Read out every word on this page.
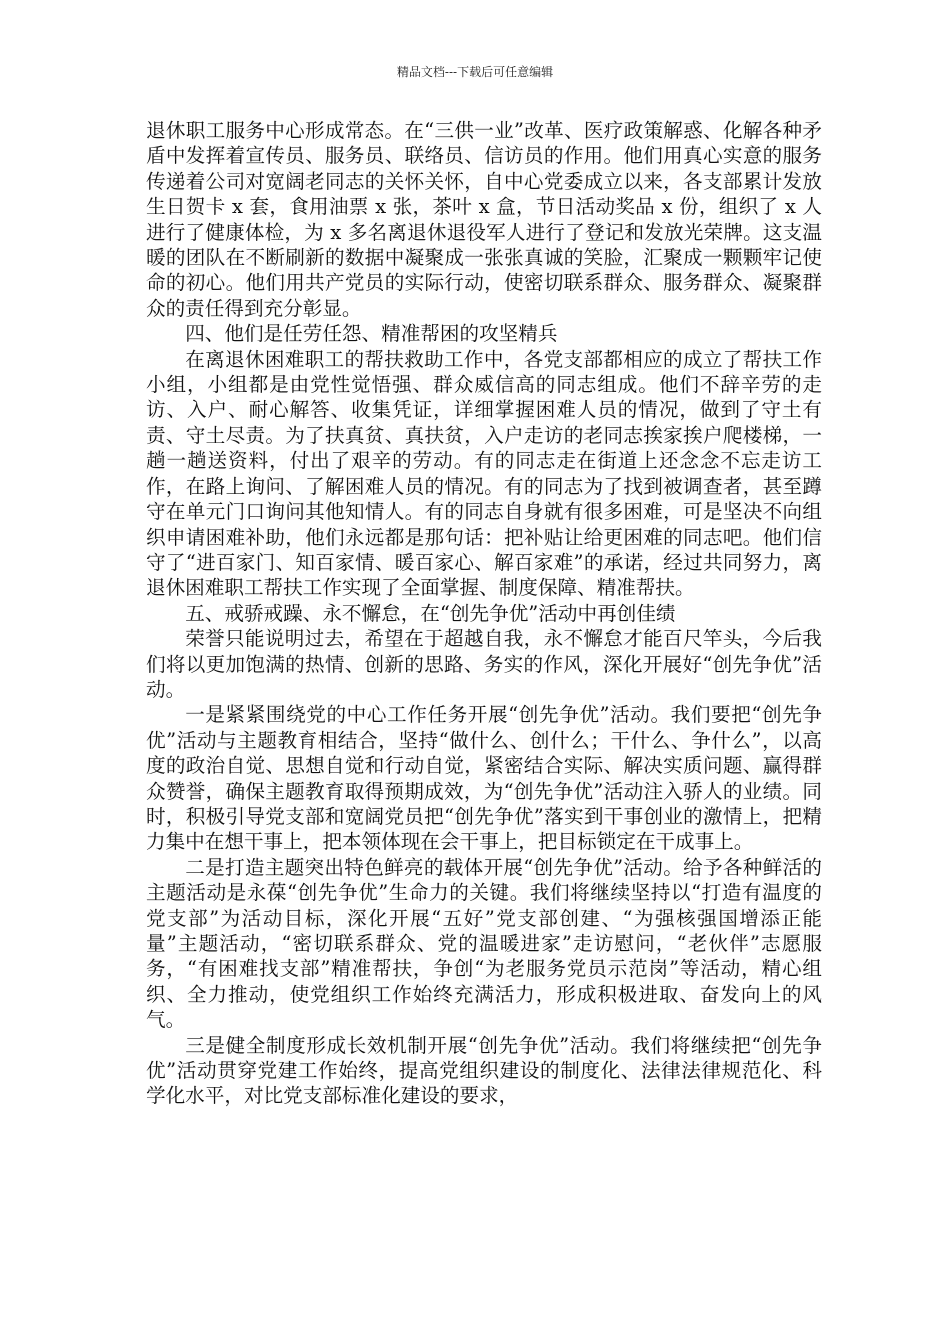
精品文档---下载后可任意编辑

退休职工服务中心形成常态。在“三供一业”改革、医疗政策解惑、化解各种矛盾中发挥着宣传员、服务员、联络员、信访员的作用。他们用真心实意的服务传递着公司对宽阔老同志的关怀关怀，自中心党委成立以来，各支部累计发放生日贺卡 x 套，食用油票 x 张，茶叶 x 盒，节日活动奖品 x 份，组织了 x 人进行了健康体检，为 x 多名离退休退役军人进行了登记和发放光荣牌。这支温暖的团队在不断刷新的数据中凝聚成一张张真诚的笑脸，汇聚成一颗颗牢记使命的初心。他们用共产党员的实际行动，使密切联系群众、服务群众、凝聚群众的责任得到充分彰显。

四、他们是任劳任怨、精准帮困的攻坚精兵

在离退休困难职工的帮扶救助工作中，各党支部都相应的成立了帮扶工作小组，小组都是由党性觉悟强、群众威信高的同志组成。他们不辞辛劳的走访、入户、耐心解答、收集凭证，详细掌握困难人员的情况，做到了守土有责、守土尽责。为了扶真贫、真扶贫，入户走访的老同志挨家挨户爬楼梯，一趟一趟送资料，付出了艰辛的劳动。有的同志走在街道上还念念不忘走访工作，在路上询问、了解困难人员的情况。有的同志为了找到被调查者，甚至蹲守在单元门口询问其他知情人。有的同志自身就有很多困难，可是坚决不向组织申请困难补助，他们永远都是那句话：把补贴让给更困难的同志吧。他们信守了“进百家门、知百家情、暖百家心、解百家难”的承诺，经过共同努力，离退休困难职工帮扶工作实现了全面掌握、制度保障、精准帮扶。

五、戒骄戒躁、永不懈怠，在“创先争优”活动中再创佳绩

荣誉只能说明过去，希望在于超越自我，永不懈怠才能百尺竿头，今后我们将以更加饱满的热情、创新的思路、务实的作风，深化开展好“创先争优”活动。

一是紧紧围绕党的中心工作任务开展“创先争优”活动。我们要把“创先争优”活动与主题教育相结合，坚持“做什么、创什么；干什么、争什么”，以高度的政治自觉、思想自觉和行动自觉，紧密结合实际、解决实质问题、赢得群众赞誉，确保主题教育取得预期成效，为“创先争优”活动注入骄人的业绩。同时，积极引导党支部和宽阔党员把“创先争优”落实到干事创业的激情上，把精力集中在想干事上，把本领体现在会干事上，把目标锁定在干成事上。

二是打造主题突出特色鲜亮的载体开展“创先争优”活动。给予各种鲜活的主题活动是永葆“创先争优”生命力的关键。我们将继续坚持以“打造有温度的党支部”为活动目标，深化开展“五好”党支部创建、“为强核强国增添正能量”主题活动，“密切联系群众、党的温暖进家”走访慰问，“老伙伴”志愿服务，“有困难找支部”精准帮扶，争创“为老服务党员示范岗”等活动，精心组织、全力推动，使党组织工作始终充满活力，形成积极进取、奋发向上的风气。

三是健全制度形成长效机制开展“创先争优”活动。我们将继续把“创先争优”活动贯穿党建工作始终，提高党组织建设的制度化、法律法律规范化、科学化水平，对比党支部标准化建设的要求，
